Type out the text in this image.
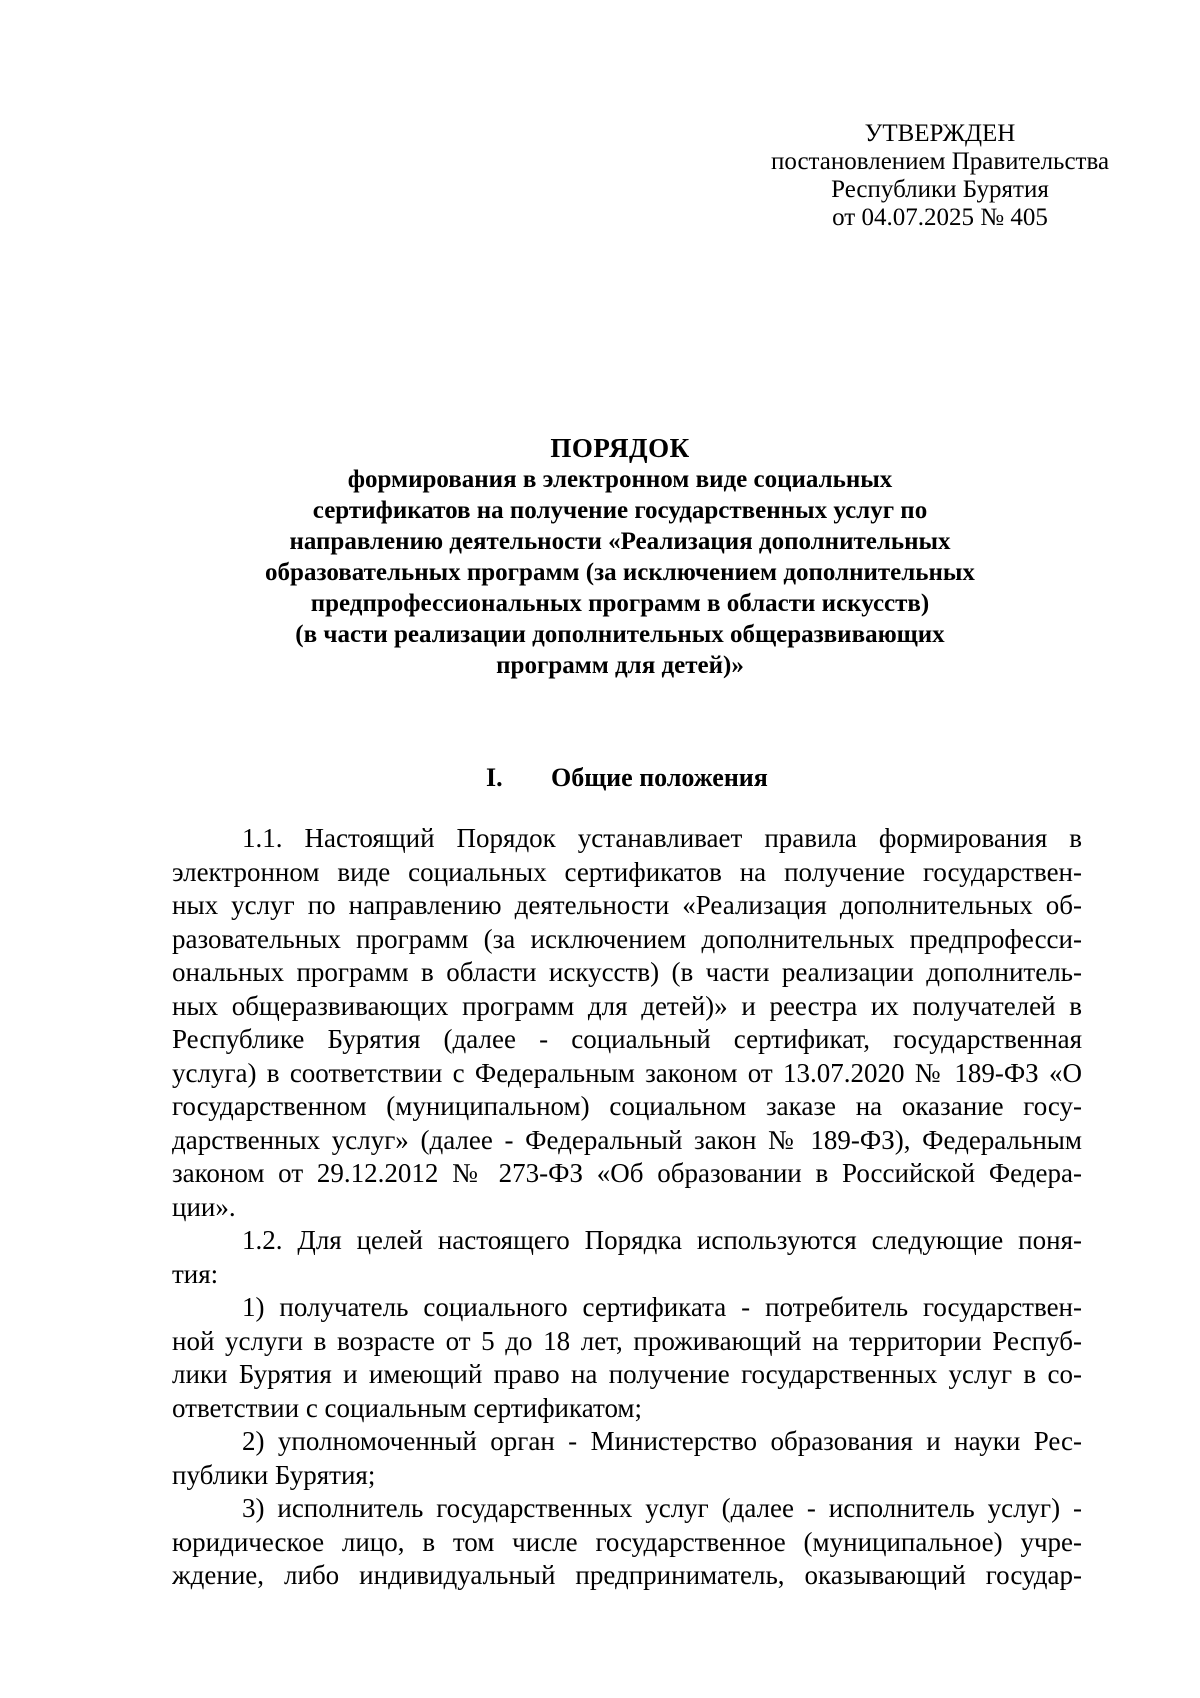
УТВЕРЖДЕН
постановлением Правительства
Республики Бурятия
от 04.07.2025 № 405
ПОРЯДОК
формирования в электронном виде социальных
сертификатов на получение государственных услуг по
направлению деятельности «Реализация дополнительных
образовательных программ (за исключением дополнительных
предпрофессиональных программ в области искусств)
(в части реализации дополнительных общеразвивающих
программ для детей)»
I. Общие положения
1.1. Настоящий Порядок устанавливает правила формирования в
электронном виде социальных сертификатов на получение государствен-
ных услуг по направлению деятельности «Реализация дополнительных об-
разовательных программ (за исключением дополнительных предпрофесси-
ональных программ в области искусств) (в части реализации дополнитель-
ных общеразвивающих программ для детей)» и реестра их получателей в
Республике Бурятия (далее - социальный сертификат, государственная
услуга) в соответствии с Федеральным законом от 13.07.2020 № 189-ФЗ «О
государственном (муниципальном) социальном заказе на оказание госу-
дарственных услуг» (далее - Федеральный закон № 189-ФЗ), Федеральным
законом от 29.12.2012 № 273-ФЗ «Об образовании в Российской Федера-
ции».
1.2. Для целей настоящего Порядка используются следующие поня-
тия:
1) получатель социального сертификата - потребитель государствен-
ной услуги в возрасте от 5 до 18 лет, проживающий на территории Респуб-
лики Бурятия и имеющий право на получение государственных услуг в со-
ответствии с социальным сертификатом;
2) уполномоченный орган - Министерство образования и науки Рес-
публики Бурятия;
3) исполнитель государственных услуг (далее - исполнитель услуг) -
юридическое лицо, в том числе государственное (муниципальное) учре-
ждение, либо индивидуальный предприниматель, оказывающий государ-
